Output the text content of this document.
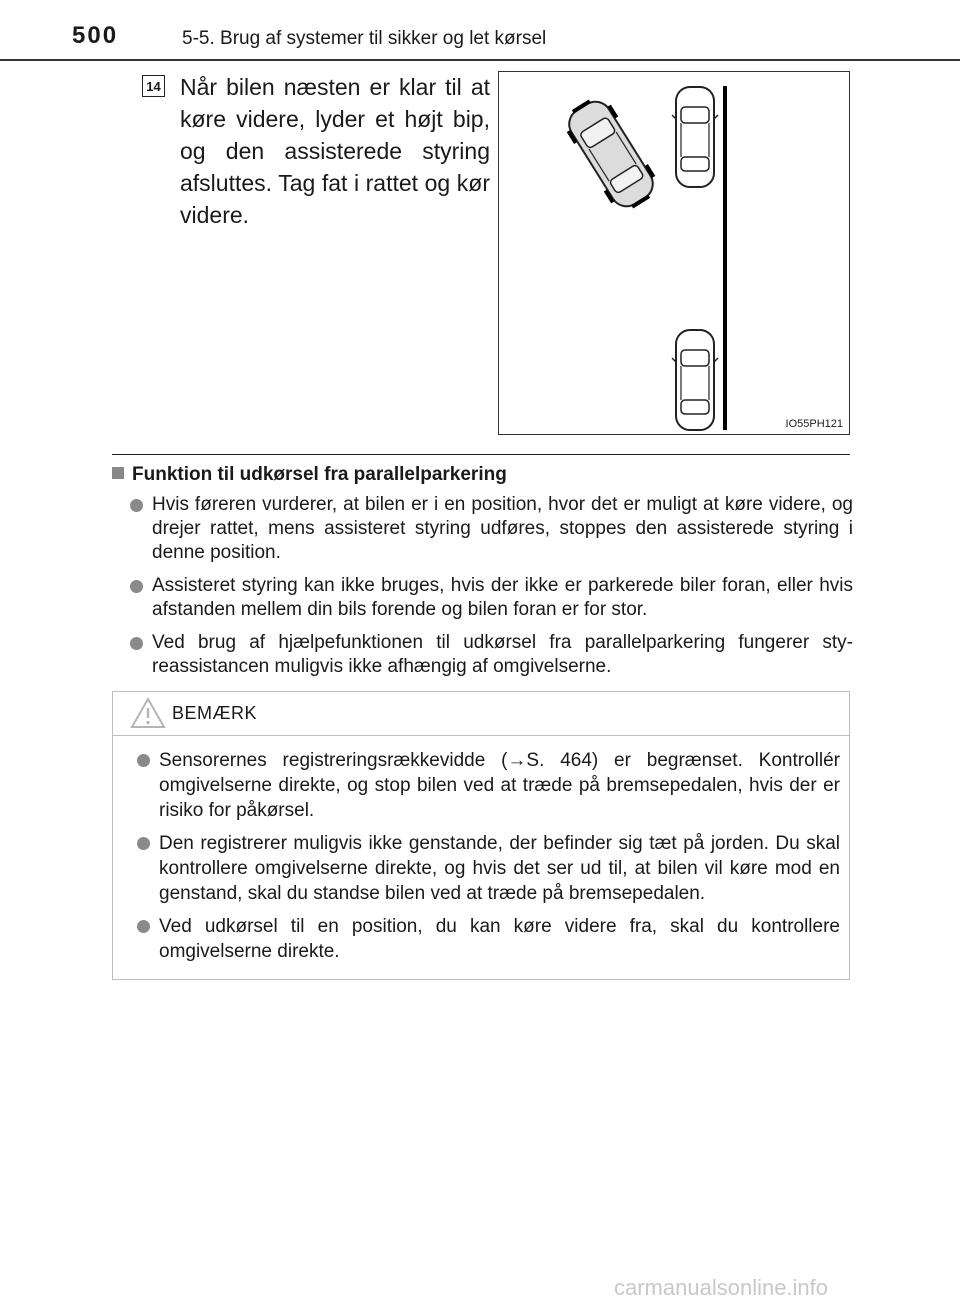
500	5-5. Brug af systemer til sikker og let kørsel
14 Når bilen næsten er klar til at køre videre, lyder et højt bip, og den assisterede styring afsluttes. Tag fat i rattet og kør videre.
IO55PH121
Funktion til udkørsel fra parallelparkering
Hvis føreren vurderer, at bilen er i en position, hvor det er muligt at køre videre, og drejer rattet, mens assisteret styring udføres, stoppes den assisterede styring i denne position.
Assisteret styring kan ikke bruges, hvis der ikke er parkerede biler foran, eller hvis afstanden mellem din bils forende og bilen foran er for stor.
Ved brug af hjælpefunktionen til udkørsel fra parallelparkering fungerer styreassistancen muligvis ikke afhængig af omgivelserne.
BEMÆRK
Sensorernes registreringsrækkevidde (→S. 464) er begrænset. Kontrollér omgivelserne direkte, og stop bilen ved at træde på bremsepedalen, hvis der er risiko for påkørsel.
Den registrerer muligvis ikke genstande, der befinder sig tæt på jorden. Du skal kontrollere omgivelserne direkte, og hvis det ser ud til, at bilen vil køre mod en genstand, skal du standse bilen ved at træde på bremsepedalen.
Ved udkørsel til en position, du kan køre videre fra, skal du kontrollere omgivelserne direkte.
carmanualsonline.info
